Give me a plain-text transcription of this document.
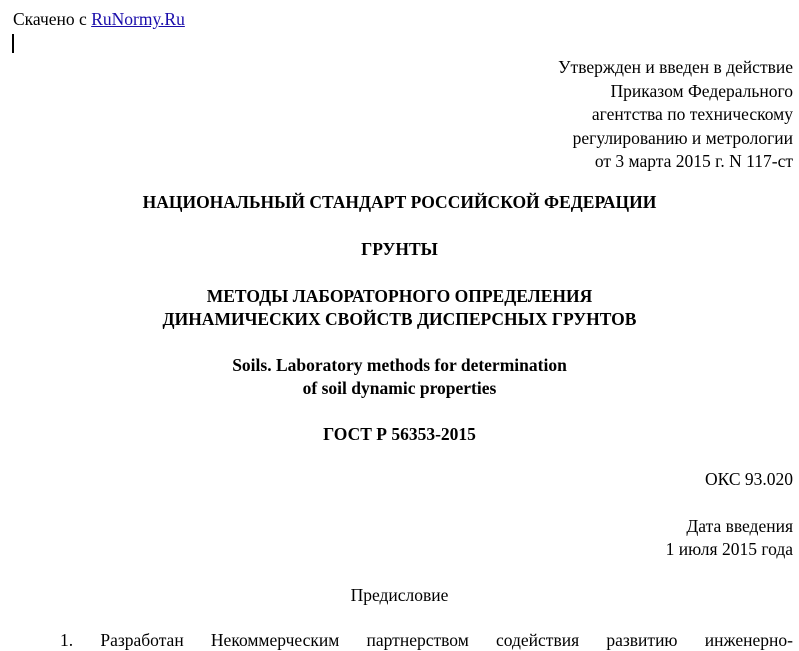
Скачено с RuNormy.Ru
Утвержден и введен в действие
Приказом Федерального
агентства по техническому
регулированию и метрологии
от 3 марта 2015 г. N 117-ст
НАЦИОНАЛЬНЫЙ СТАНДАРТ РОССИЙСКОЙ ФЕДЕРАЦИИ
ГРУНТЫ
МЕТОДЫ ЛАБОРАТОРНОГО ОПРЕДЕЛЕНИЯ
ДИНАМИЧЕСКИХ СВОЙСТВ ДИСПЕРСНЫХ ГРУНТОВ
Soils. Laboratory methods for determination
of soil dynamic properties
ГОСТ Р 56353-2015
ОКС 93.020
Дата введения
1 июля 2015 года
Предисловие
1. Разработан Некоммерческим партнерством содействия развитию инженерно-
